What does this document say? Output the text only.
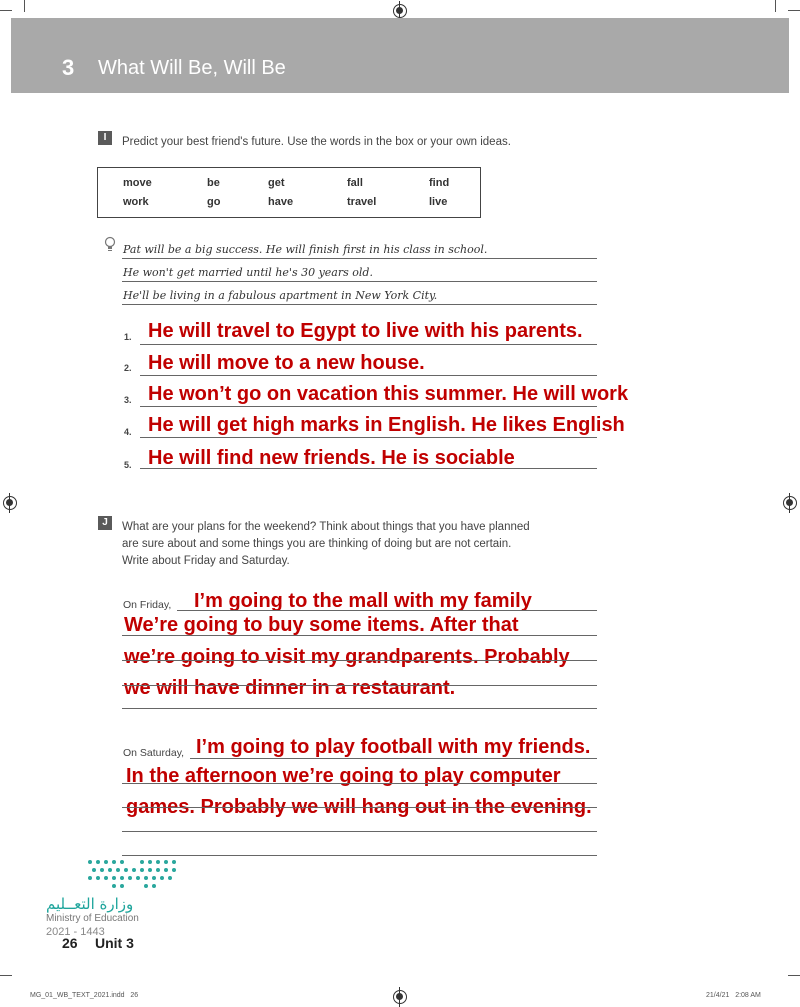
3 What Will Be, Will Be
I	Predict your best friend's future. Use the words in the box or your own ideas.
move	be	get	fall	find
work	go	have	travel	live
Pat will be a big success. He will finish first in his class in school.
He won't get married until he's 30 years old.
He'll be living in a fabulous apartment in New York City.
1. He will travel to Egypt to live with his parents.
2. He will move to a new house.
3. He won’t go on vacation this summer. He will work
4. He will get high marks in English. He likes English
5. He will find new friends. He is sociable
J	What are your plans for the weekend? Think about things that you have planned
are sure about and some things you are thinking of doing but are not certain.
Write about Friday and Saturday.
On Friday, I’m going to the mall with my family
We’re going to buy some items. After that
we’re going to visit my grandparents. Probably
we will have dinner in a restaurant.
On Saturday, I’m going to play football with my friends.
In the afternoon we’re going to play computer
games. Probably we will hang out in the evening.
وزارة التعــليم
Ministry of Education
2021 - 1443
26 Unit 3
MG_01_WB_TEXT_2021.indd   26	21/4/21   2:08 AM
